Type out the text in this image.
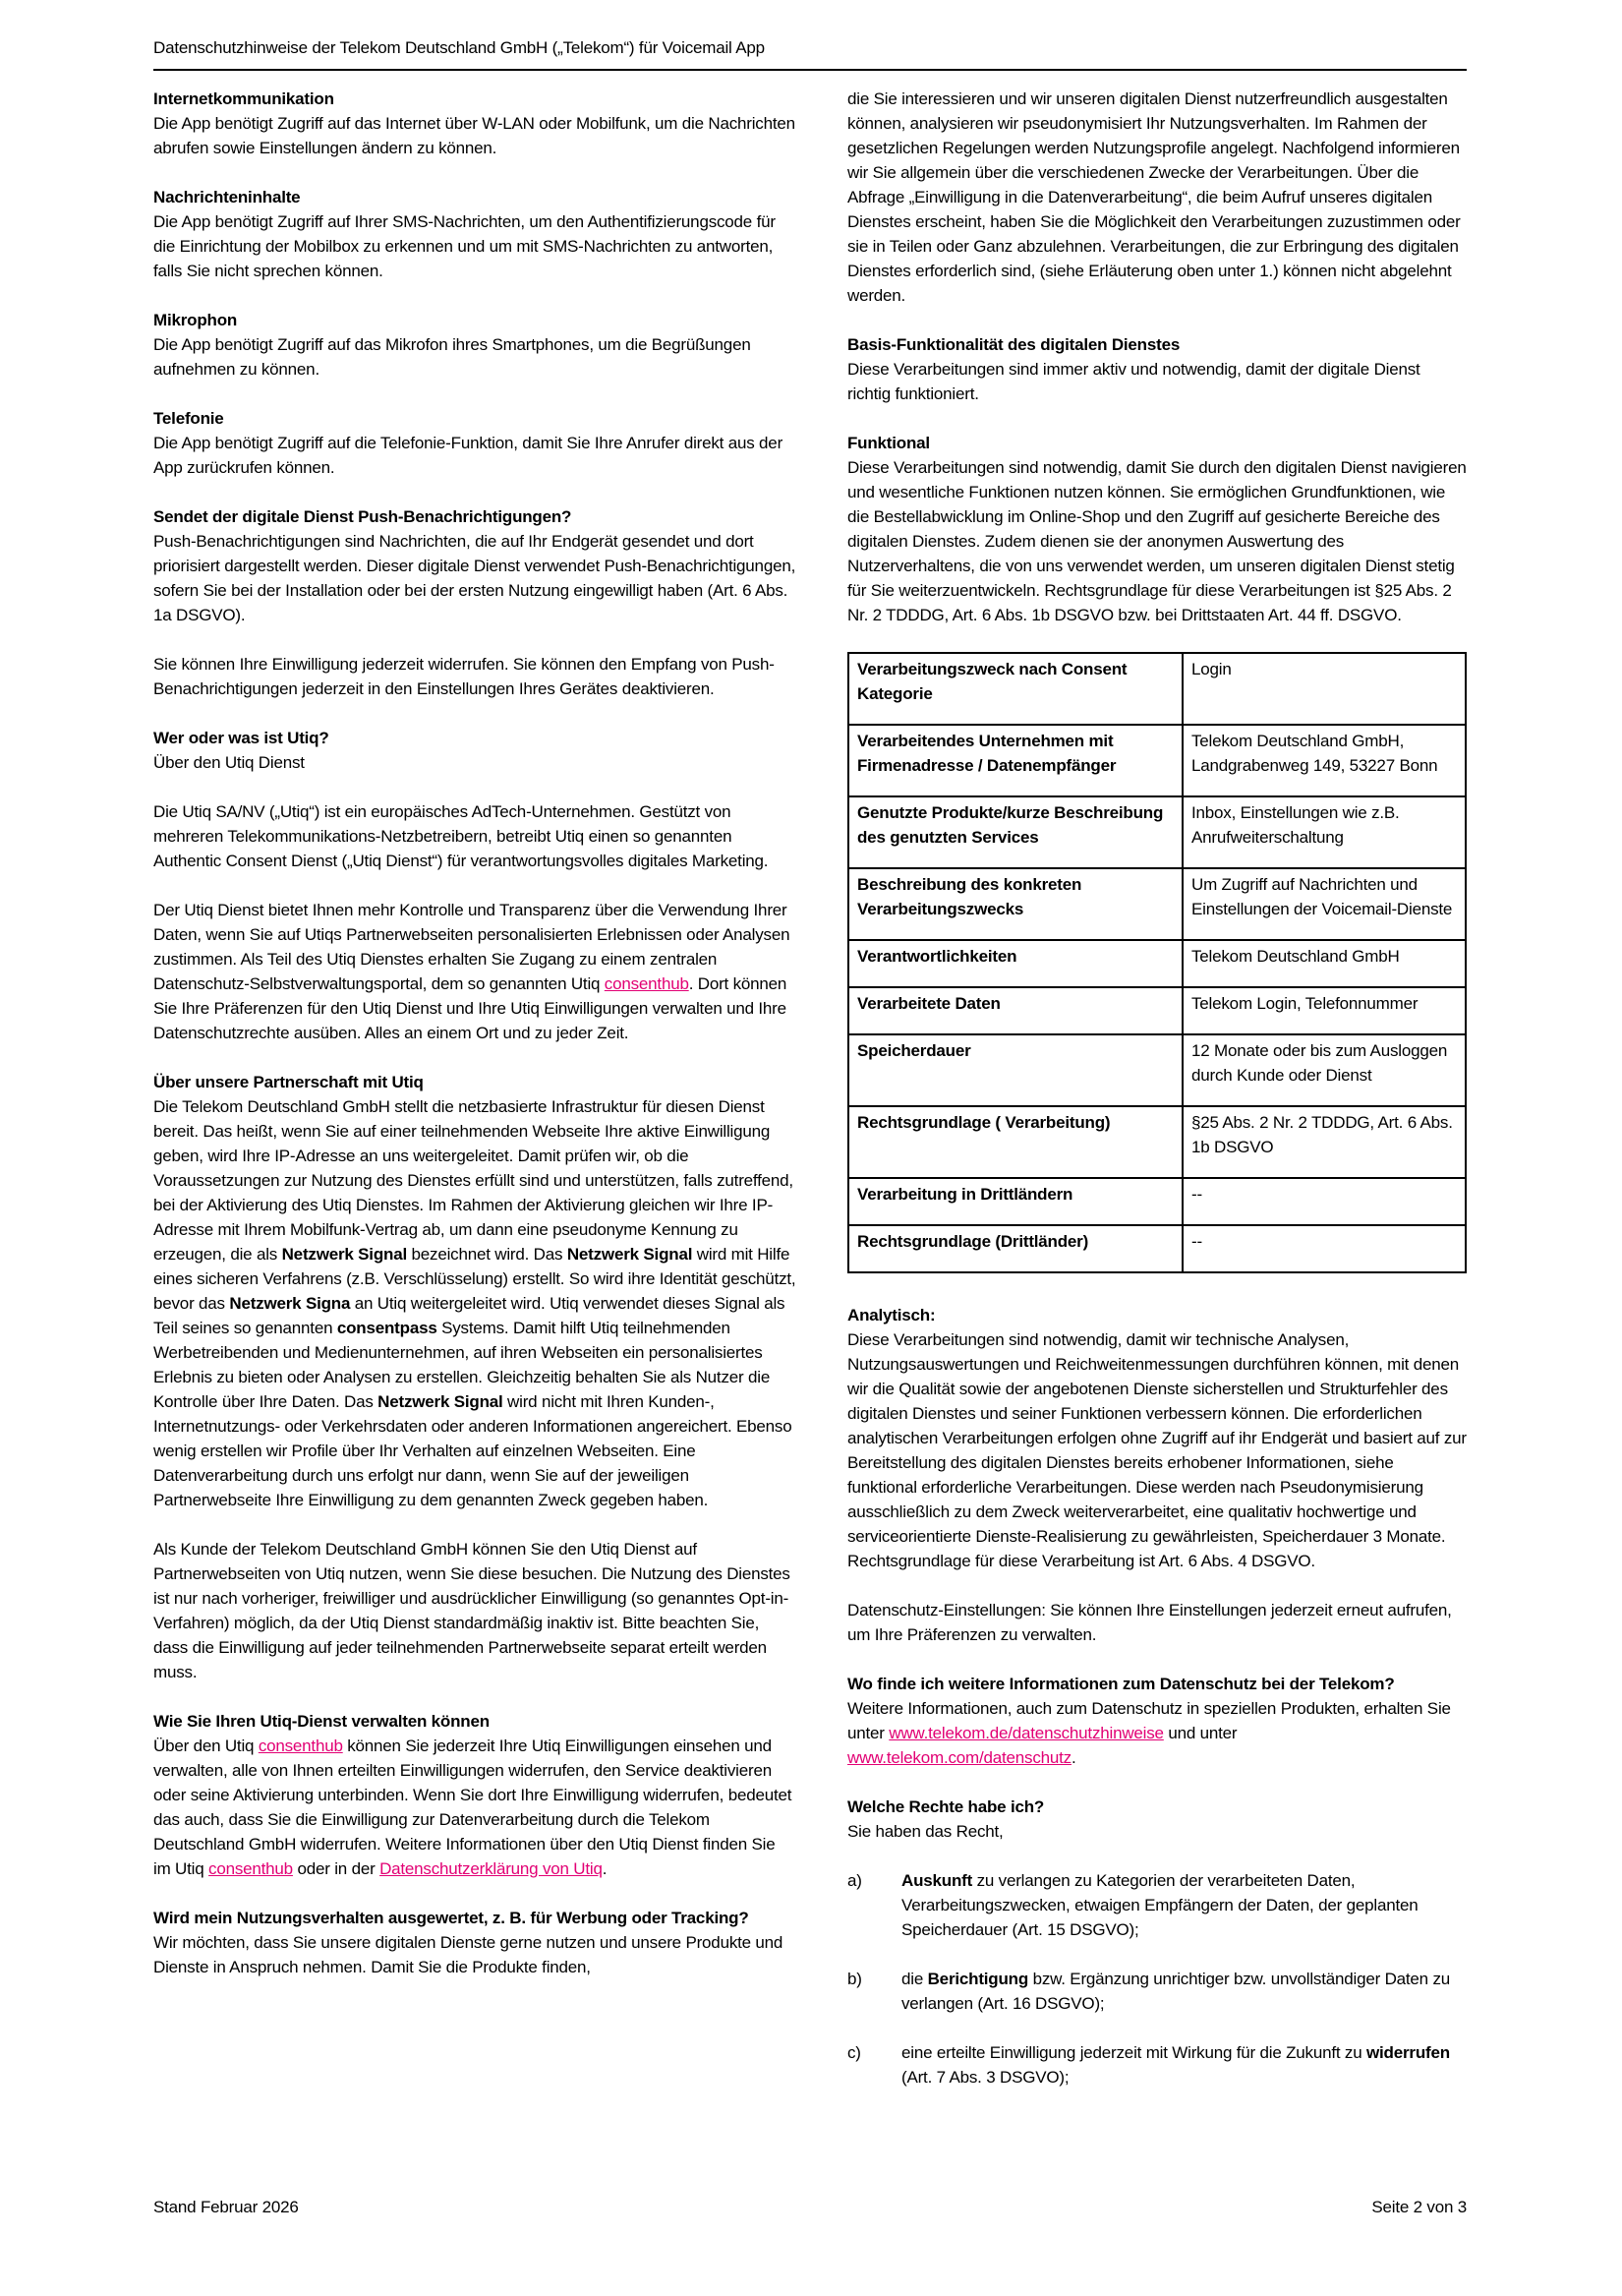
Datenschutzhinweise der Telekom Deutschland GmbH („Telekom“) für Voicemail App
Internetkommunikation

Die App benötigt Zugriff auf das Internet über W-LAN oder Mobilfunk, um die Nachrichten abrufen sowie Einstellungen ändern zu können.

Nachrichteninhalte

Die App benötigt Zugriff auf Ihrer SMS-Nachrichten, um den Authentifizierungscode für die Einrichtung der Mobilbox zu erkennen und um mit SMS-Nachrichten zu antworten, falls Sie nicht sprechen können.

Mikrophon

Die App benötigt Zugriff auf das Mikrofon ihres Smartphones, um die Begrüßungen aufnehmen zu können.

Telefonie

Die App benötigt Zugriff auf die Telefonie-Funktion, damit Sie Ihre Anrufer direkt aus der App zurückrufen können.

Sendet der digitale Dienst Push-Benachrichtigungen?

Push-Benachrichtigungen sind Nachrichten, die auf Ihr Endgerät gesendet und dort priorisiert dargestellt werden. Dieser digitale Dienst verwendet Push-Benachrichtigungen, sofern Sie bei der Installation oder bei der ersten Nutzung eingewilligt haben (Art. 6 Abs. 1a DSGVO).

Sie können Ihre Einwilligung jederzeit widerrufen. Sie können den Empfang von Push-Benachrichtigungen jederzeit in den Einstellungen Ihres Gerätes deaktivieren.

Wer oder was ist Utiq?

Über den Utiq Dienst

Die Utiq SA/NV („Utiq“) ist ein europäisches AdTech-Unternehmen. Gestützt von mehreren Telekommunikations-Netzbetreibern, betreibt Utiq einen so genannten Authentic Consent Dienst („Utiq Dienst“) für verantwortungsvolles digitales Marketing.

Der Utiq Dienst bietet Ihnen mehr Kontrolle und Transparenz über die Verwendung Ihrer Daten, wenn Sie auf Utiqs Partnerwebseiten personalisierten Erlebnissen oder Analysen zustimmen. Als Teil des Utiq Dienstes erhalten Sie Zugang zu einem zentralen Datenschutz-Selbstverwaltungsportal, dem so genannten Utiq consenthub. Dort können Sie Ihre Präferenzen für den Utiq Dienst und Ihre Utiq Einwilligungen verwalten und Ihre Datenschutzrechte ausüben. Alles an einem Ort und zu jeder Zeit.

Über unsere Partnerschaft mit Utiq

Die Telekom Deutschland GmbH stellt die netzbasierte Infrastruktur für diesen Dienst bereit. Das heißt, wenn Sie auf einer teilnehmenden Webseite Ihre aktive Einwilligung geben, wird Ihre IP-Adresse an uns weitergeleitet. Damit prüfen wir, ob die Voraussetzungen zur Nutzung des Dienstes erfüllt sind und unterstützen, falls zutreffend, bei der Aktivierung des Utiq Dienstes. Im Rahmen der Aktivierung gleichen wir Ihre IP-Adresse mit Ihrem Mobilfunk-Vertrag ab, um dann eine pseudonyme Kennung zu erzeugen, die als Netzwerk Signal bezeichnet wird. Das Netzwerk Signal wird mit Hilfe eines sicheren Verfahrens (z.B. Verschlüsselung) erstellt. So wird ihre Identität geschützt, bevor das Netzwerk Signa an Utiq weitergeleitet wird. Utiq verwendet dieses Signal als Teil seines so genannten consentpass Systems. Damit hilft Utiq teilnehmenden Werbetreibenden und Medienunternehmen, auf ihren Webseiten ein personalisiertes Erlebnis zu bieten oder Analysen zu erstellen. Gleichzeitig behalten Sie als Nutzer die Kontrolle über Ihre Daten. Das Netzwerk Signal wird nicht mit Ihren Kunden-, Internetnutzungs- oder Verkehrsdaten oder anderen Informationen angereichert. Ebenso wenig erstellen wir Profile über Ihr Verhalten auf einzelnen Webseiten. Eine Datenverarbeitung durch uns erfolgt nur dann, wenn Sie auf der jeweiligen Partnerwebseite Ihre Einwilligung zu dem genannten Zweck gegeben haben.

Als Kunde der Telekom Deutschland GmbH können Sie den Utiq Dienst auf Partnerwebseiten von Utiq nutzen, wenn Sie diese besuchen. Die Nutzung des Dienstes ist nur nach vorheriger, freiwilliger und ausdrücklicher Einwilligung (so genanntes Opt-in-Verfahren) möglich, da der Utiq Dienst standardmäßig inaktiv ist. Bitte beachten Sie, dass die Einwilligung auf jeder teilnehmenden Partnerwebseite separat erteilt werden muss.

Wie Sie Ihren Utiq-Dienst verwalten können

Über den Utiq consenthub können Sie jederzeit Ihre Utiq Einwilligungen einsehen und verwalten, alle von Ihnen erteilten Einwilligungen widerrufen, den Service deaktivieren oder seine Aktivierung unterbinden. Wenn Sie dort Ihre Einwilligung widerrufen, bedeutet das auch, dass Sie die Einwilligung zur Datenverarbeitung durch die Telekom Deutschland GmbH widerrufen. Weitere Informationen über den Utiq Dienst finden Sie im Utiq consenthub oder in der Datenschutzerklärung von Utiq.

Wird mein Nutzungsverhalten ausgewertet, z. B. für Werbung oder Tracking?

Wir möchten, dass Sie unsere digitalen Dienste gerne nutzen und unsere Produkte und Dienste in Anspruch nehmen. Damit Sie die Produkte finden,

die Sie interessieren und wir unseren digitalen Dienst nutzerfreundlich ausgestalten können, analysieren wir pseudonymisiert Ihr Nutzungsverhalten. Im Rahmen der gesetzlichen Regelungen werden Nutzungsprofile angelegt. Nachfolgend informieren wir Sie allgemein über die verschiedenen Zwecke der Verarbeitungen. Über die Abfrage „Einwilligung in die Datenverarbeitung“, die beim Aufruf unseres digitalen Dienstes erscheint, haben Sie die Möglichkeit den Verarbeitungen zuzustimmen oder sie in Teilen oder Ganz abzulehnen. Verarbeitungen, die zur Erbringung des digitalen Dienstes erforderlich sind, (siehe Erläuterung oben unter 1.) können nicht abgelehnt werden.

Basis-Funktionalität des digitalen Dienstes

Diese Verarbeitungen sind immer aktiv und notwendig, damit der digitale Dienst richtig funktioniert.

Funktional

Diese Verarbeitungen sind notwendig, damit Sie durch den digitalen Dienst navigieren und wesentliche Funktionen nutzen können. Sie ermöglichen Grundfunktionen, wie die Bestellabwicklung im Online-Shop und den Zugriff auf gesicherte Bereiche des digitalen Dienstes. Zudem dienen sie der anonymen Auswertung des Nutzerverhaltens, die von uns verwendet werden, um unseren digitalen Dienst stetig für Sie weiterzuentwickeln. Rechtsgrundlage für diese Verarbeitungen ist §25 Abs. 2 Nr. 2 TDDDG, Art. 6 Abs. 1b DSGVO bzw. bei Drittstaaten Art. 44 ff. DSGVO.

Verarbeitungszweck nach Consent Kategorie	Login
Verarbeitendes Unternehmen mit Firmenadresse / Datenempfänger	Telekom Deutschland GmbH, Landgrabenweg 149, 53227 Bonn
Genutzte Produkte/kurze Beschreibung des genutzten Services	Inbox, Einstellungen wie z.B. Anrufweiterschaltung
Beschreibung des konkreten Verarbeitungszwecks	Um Zugriff auf Nachrichten und Einstellungen der Voicemail-Dienste
Verantwortlichkeiten	Telekom Deutschland GmbH
Verarbeitete Daten	Telekom Login, Telefonnummer
Speicherdauer	12 Monate oder bis zum Ausloggen durch Kunde oder Dienst
Rechtsgrundlage ( Verarbeitung)	§25 Abs. 2 Nr. 2 TDDDG, Art. 6 Abs. 1b DSGVO
Verarbeitung in Drittländern	--
Rechtsgrundlage (Drittländer)	--
Analytisch:

Diese Verarbeitungen sind notwendig, damit wir technische Analysen, Nutzungsauswertungen und Reichweitenmessungen durchführen können, mit denen wir die Qualität sowie der angebotenen Dienste sicherstellen und Strukturfehler des digitalen Dienstes und seiner Funktionen verbessern können. Die erforderlichen analytischen Verarbeitungen erfolgen ohne Zugriff auf ihr Endgerät und basiert auf zur Bereitstellung des digitalen Dienstes bereits erhobener Informationen, siehe funktional erforderliche Verarbeitungen. Diese werden nach Pseudonymisierung ausschließlich zu dem Zweck weiterverarbeitet, eine qualitativ hochwertige und serviceorientierte Dienste-Realisierung zu gewährleisten, Speicherdauer 3 Monate. Rechtsgrundlage für diese Verarbeitung ist Art. 6 Abs. 4 DSGVO.

Datenschutz-Einstellungen: Sie können Ihre Einstellungen jederzeit erneut aufrufen, um Ihre Präferenzen zu verwalten.

Wo finde ich weitere Informationen zum Datenschutz bei der Telekom?

Weitere Informationen, auch zum Datenschutz in speziellen Produkten, erhalten Sie unter www.telekom.de/datenschutzhinweise und unter www.telekom.com/datenschutz.

Welche Rechte habe ich?

Sie haben das Recht,

a)	Auskunft zu verlangen zu Kategorien der verarbeiteten Daten, Verarbeitungszwecken, etwaigen Empfängern der Daten, der geplanten Speicherdauer (Art. 15 DSGVO);
b)	die Berichtigung bzw. Ergänzung unrichtiger bzw. unvollständiger Daten zu verlangen (Art. 16 DSGVO);
c)	eine erteilte Einwilligung jederzeit mit Wirkung für die Zukunft zu widerrufen (Art. 7 Abs. 3 DSGVO);
Stand Februar 2026	Seite 2 von 3
